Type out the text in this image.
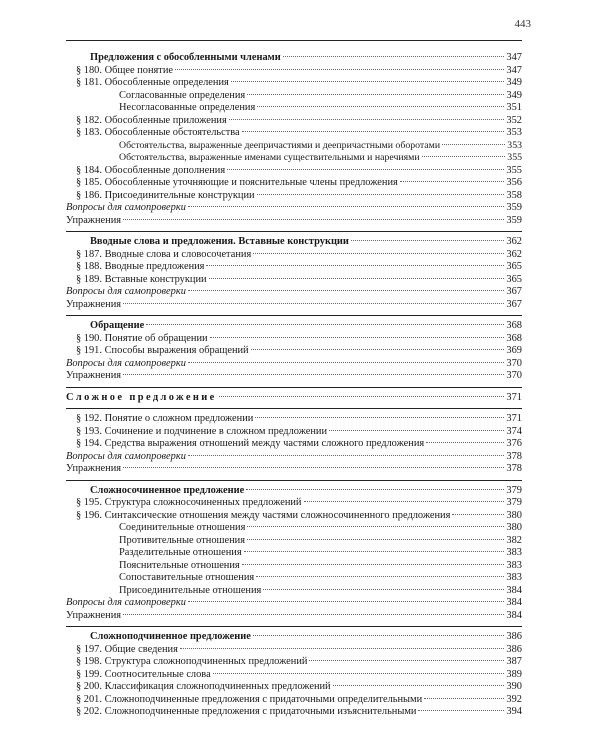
443
Предложения с обособленными членами	347
§ 180. Общее понятие	347
§ 181. Обособленные определения	349
Согласованные определения	349
Несогласованные определения	351
§ 182. Обособленные приложения	352
§ 183. Обособленные обстоятельства	353
Обстоятельства, выраженные деепричастиями и деепричастными оборотами	353
Обстоятельства, выраженные именами существительными и наречиями	355
§ 184. Обособленные дополнения	355
§ 185. Обособленные уточняющие и пояснительные члены предложения	356
§ 186. Присоединительные конструкции	358
Вопросы для самопроверки	359
Упражнения	359
Вводные слова и предложения. Вставные конструкции	362
§ 187. Вводные слова и словосочетания	362
§ 188. Вводные предложения	365
§ 189. Вставные конструкции	365
Вопросы для самопроверки	367
Упражнения	367
Обращение	368
§ 190. Понятие об обращении	368
§ 191. Способы выражения обращений	369
Вопросы для самопроверки	370
Упражнения	370
Сложное предложение	371
§ 192. Понятие о сложном предложении	371
§ 193. Сочинение и подчинение в сложном предложении	374
§ 194. Средства выражения отношений между частями сложного предложения	376
Вопросы для самопроверки	378
Упражнения	378
Сложносочиненное предложение	379
§ 195. Структура сложносочиненных предложений	379
§ 196. Синтаксические отношения между частями сложносочиненного предложения	380
Соединительные отношения	380
Противительные отношения	382
Разделительные отношения	383
Пояснительные отношения	383
Сопоставительные отношения	383
Присоединительные отношения	384
Вопросы для самопроверки	384
Упражнения	384
Сложноподчиненное предложение	386
§ 197. Общие сведения	386
§ 198. Структура сложноподчиненных предложений	387
§ 199. Соотносительные слова	389
§ 200. Классификация сложноподчиненных предложений	390
§ 201. Сложноподчиненные предложения с придаточными определительными	392
§ 202. Сложноподчиненные предложения с придаточными изъяснительными	394
